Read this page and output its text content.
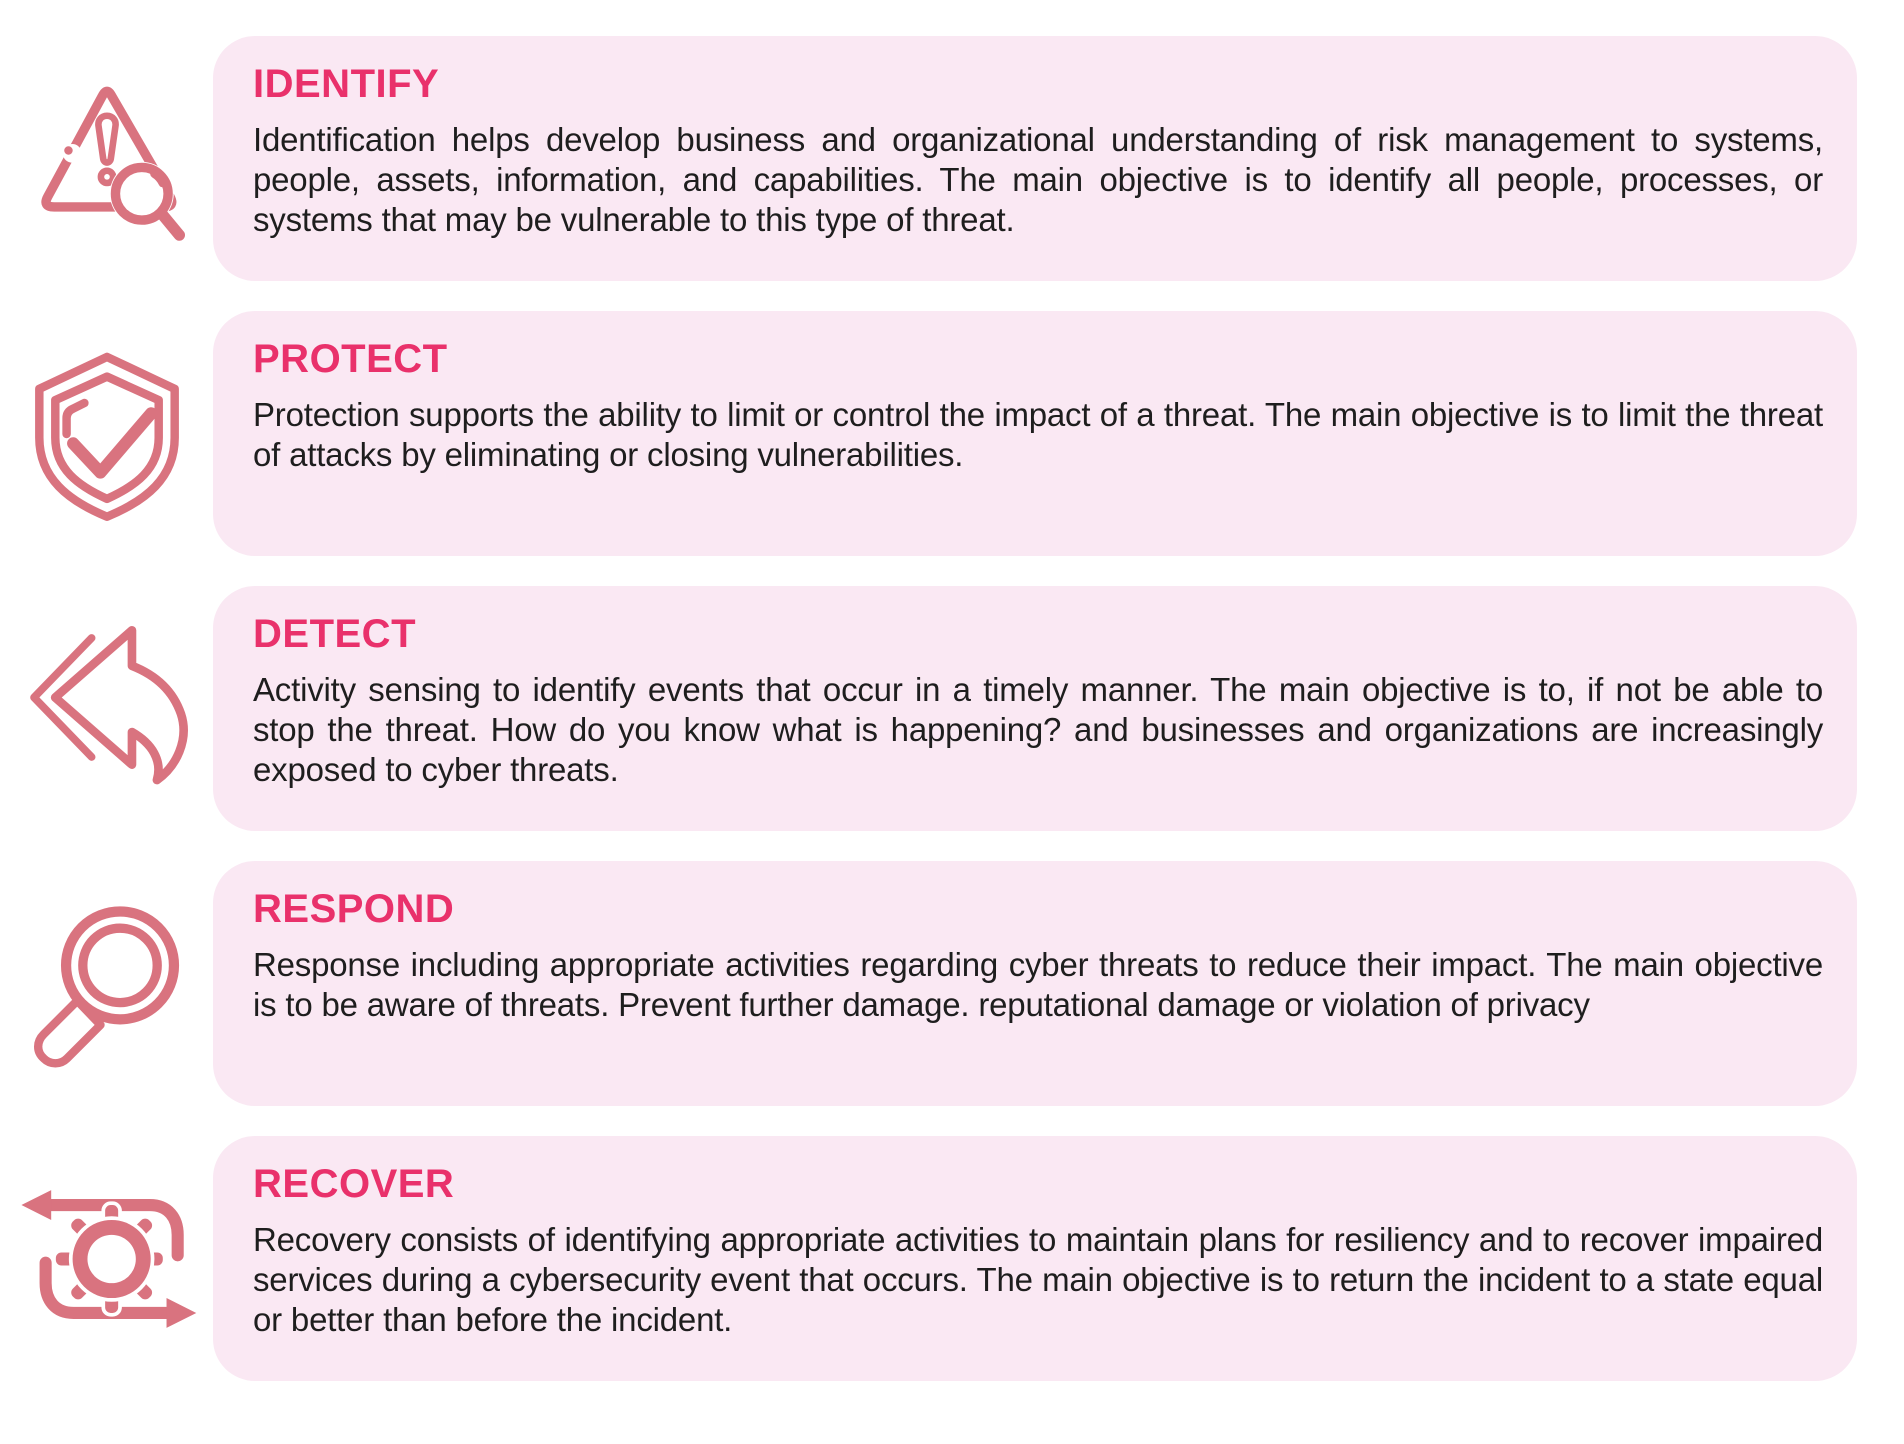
IDENTIFY

Identification helps develop business and organizational understanding of risk management to systems, people, assets, information, and capabilities. The main objective is to identify all people, processes, or systems that may be vulnerable to this type of threat.

PROTECT

Protection supports the ability to limit or control the impact of a threat. The main objective is to limit the threat of attacks by eliminating or closing vulnerabilities.

DETECT

Activity sensing to identify events that occur in a timely manner. The main objective is to, if not be able to stop the threat. How do you know what is happening? and businesses and organizations are increasingly exposed to cyber threats.

RESPOND

Response including appropriate activities regarding cyber threats to reduce their impact. The main objective is to be aware of threats. Prevent further damage. reputational damage or violation of privacy

RECOVER

Recovery consists of identifying appropriate activities to maintain plans for resiliency and to recover impaired services during a cybersecurity event that occurs. The main objective is to return the incident to a state equal or better than before the incident.
